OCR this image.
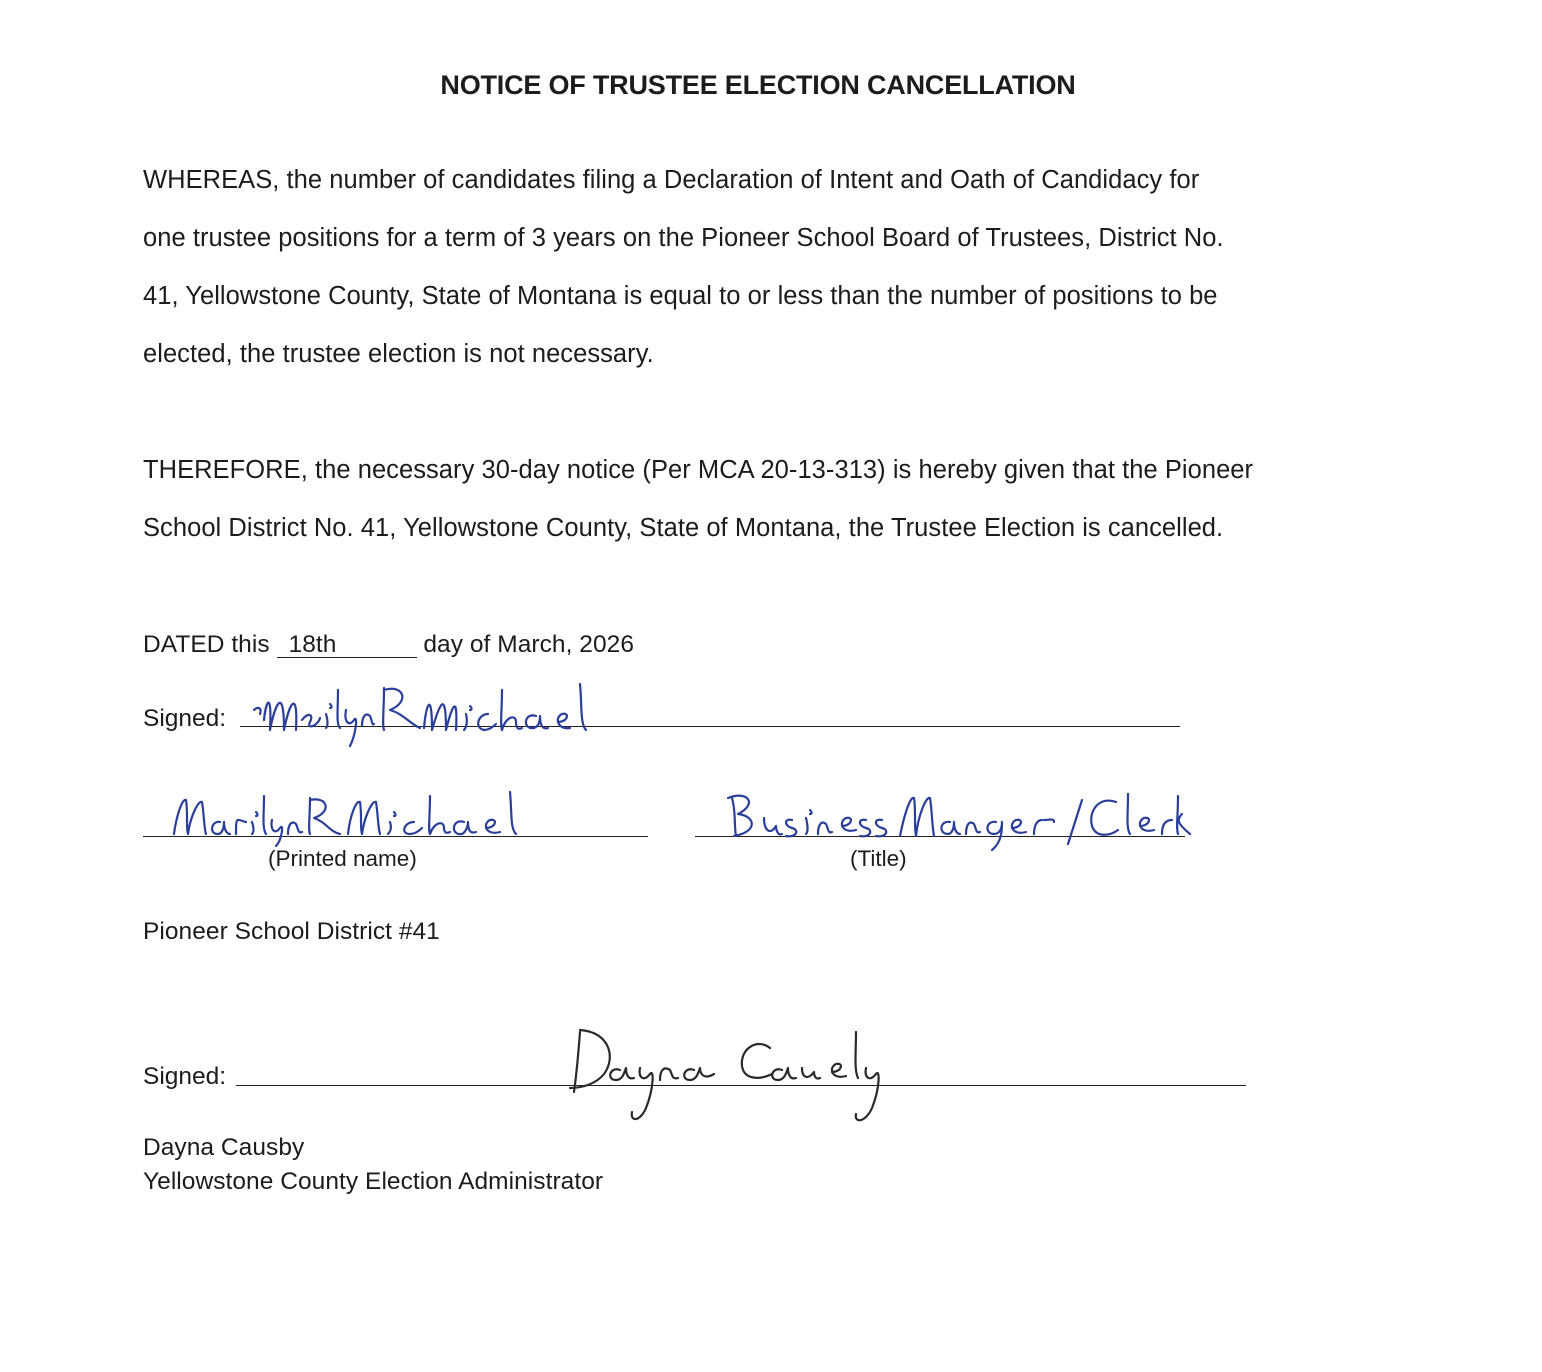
NOTICE OF TRUSTEE ELECTION CANCELLATION
WHEREAS, the number of candidates filing a Declaration of Intent and Oath of Candidacy for
one trustee positions for a term of 3 years on the Pioneer School Board of Trustees, District No.
41, Yellowstone County, State of Montana is equal to or less than the number of positions to be
elected, the trustee election is not necessary.
THEREFORE, the necessary 30-day notice (Per MCA 20-13-313) is hereby given that the Pioneer
School District No. 41, Yellowstone County, State of Montana, the Trustee Election is cancelled.
DATED this 18th	day of March, 2026
Signed:
(Printed name)	(Title)
Pioneer School District #41
Signed:
Dayna Causby
Yellowstone County Election Administrator
